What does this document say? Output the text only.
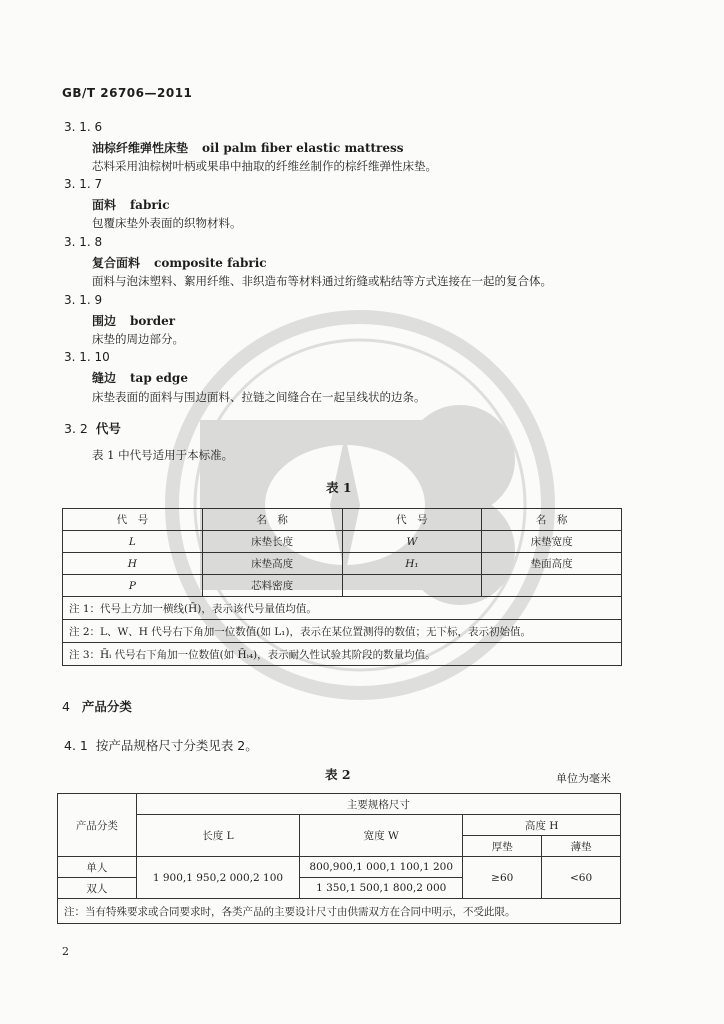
GB/T 26706—2011
3. 1. 6
油棕纤维弹性床垫 oil palm fiber elastic mattress
芯料采用油棕树叶柄或果串中抽取的纤维丝制作的棕纤维弹性床垫。
3. 1. 7
面料 fabric
包覆床垫外表面的织物材料。
3. 1. 8
复合面料 composite fabric
面料与泡沫塑料、絮用纤维、非织造布等材料通过绗缝或粘结等方式连接在一起的复合体。
3. 1. 9
围边 border
床垫的周边部分。
3. 1. 10
缝边 tap edge
床垫表面的面料与围边面料、拉链之间缝合在一起呈线状的边条。
3. 2 代号
表 1 中代号适用于本标准。
表 1
代　号	名　称	代　号	名　称
L	床垫长度	W	床垫宽度
H	床垫高度	H₁	垫面高度
P	芯料密度		
注 1：代号上方加一横线(H̄)，表示该代号量值均值。			
注 2：L、W、H 代号右下角加一位数值(如 L₁)，表示在某位置测得的数值；无下标，表示初始值。			
注 3：H̄ᵢ 代号右下角加一位数值(如 H̄ᵢ₄)，表示耐久性试验其阶段的数量均值。			
4 产品分类
4. 1 按产品规格尺寸分类见表 2。
表 2	单位为毫米
产品分类	主要规格尺寸			
	长度 L	宽度 W	高度 H	
			厚垫	薄垫
单人	1 900,1 950,2 000,2 100	800,900,1 000,1 100,1 200	≥60	<60
双人		1 350,1 500,1 800,2 000		
注：当有特殊要求或合同要求时，各类产品的主要设计尺寸由供需双方在合同中明示，不受此限。				
2
